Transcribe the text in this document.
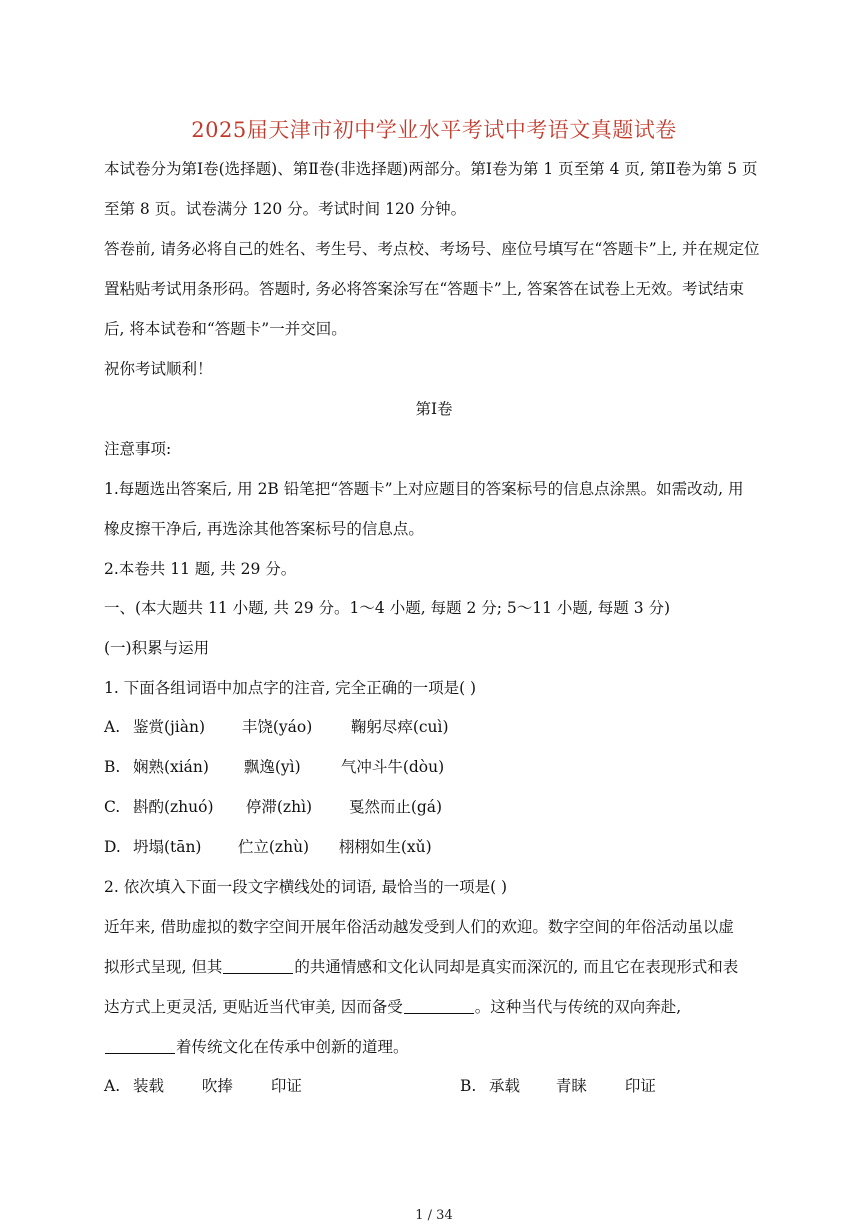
2025届天津市初中学业水平考试中考语文真题试卷
本试卷分为第Ⅰ卷(选择题)、第Ⅱ卷(非选择题)两部分。第Ⅰ卷为第 1 页至第 4 页, 第Ⅱ卷为第 5 页
至第 8 页。试卷满分 120 分。考试时间 120 分钟。
答卷前, 请务必将自己的姓名、考生号、考点校、考场号、座位号填写在“答题卡”上, 并在规定位
置粘贴考试用条形码。答题时, 务必将答案涂写在“答题卡”上, 答案答在试卷上无效。考试结束
后, 将本试卷和“答题卡”一并交回。
祝你考试顺利！
第Ⅰ卷
注意事项:
1.每题选出答案后, 用 2B 铅笔把“答题卡”上对应题目的答案标号的信息点涂黑。如需改动, 用
橡皮擦干净后, 再选涂其他答案标号的信息点。
2.本卷共 11 题, 共 29 分。
一、(本大题共 11 小题, 共 29 分。1～4 小题, 每题 2 分; 5～11 小题, 每题 3 分)
(一)积累与运用
1. 下面各组词语中加点字的注音, 完全正确的一项是( )
A. 鉴赏(jiàn) 丰饶(yáo) 鞠躬尽瘁(cuì)
B. 娴熟(xián) 飘逸(yì)	气冲斗牛(dòu)
C. 斟酌(zhuó) 停滞(zhì) 戛然而止(gá)
D. 坍塌(tān) 伫立(zhù) 栩栩如生(xǔ)
2. 依次填入下面一段文字横线处的词语, 最恰当的一项是( )
近年来, 借助虚拟的数字空间开展年俗活动越发受到人们的欢迎。数字空间的年俗活动虽以虚
拟形式呈现, 但其	的共通情感和文化认同却是真实而深沉的, 而且它在表现形式和表
达方式上更灵活, 更贴近当代审美, 因而备受	。这种当代与传统的双向奔赴,
着传统文化在传承中创新的道理。
A. 装载 吹捧 印证	B. 承载 青睐 印证
1 / 34
